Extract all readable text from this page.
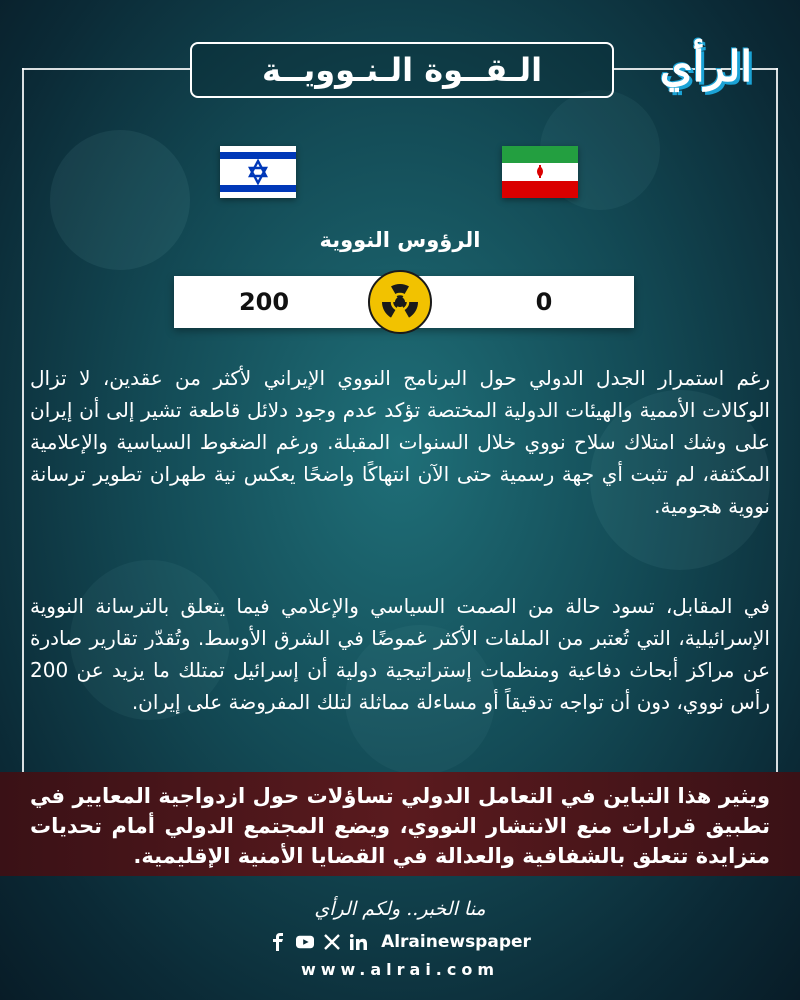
الـقــوة الـنـوويــة	الرأي
الرؤوس النووية
200	0
رغم استمرار الجدل الدولي حول البرنامج النووي الإيراني لأكثر من عقدين، لا تزال الوكالات الأممية والهيئات الدولية المختصة تؤكد عدم وجود دلائل قاطعة تشير إلى أن إيران على وشك امتلاك سلاح نووي خلال السنوات المقبلة. ورغم الضغوط السياسية والإعلامية المكثفة، لم تثبت أي جهة رسمية حتى الآن انتهاكًا واضحًا يعكس نية طهران تطوير ترسانة نووية هجومية.
في المقابل، تسود حالة من الصمت السياسي والإعلامي فيما يتعلق بالترسانة النووية الإسرائيلية، التي تُعتبر من الملفات الأكثر غموضًا في الشرق الأوسط. وتُقدّر تقارير صادرة عن مراكز أبحاث دفاعية ومنظمات إستراتيجية دولية أن إسرائيل تمتلك ما يزيد عن 200 رأس نووي، دون أن تواجه تدقيقاً أو مساءلة مماثلة لتلك المفروضة على إيران.
ويثير هذا التباين في التعامل الدولي تساؤلات حول ازدواجية المعايير في تطبيق قرارات منع الانتشار النووي، ويضع المجتمع الدولي أمام تحديات متزايدة تتعلق بالشفافية والعدالة في القضايا الأمنية الإقليمية.
منا الخبر.. ولكم الرأي
Alrainewspaper
www.alrai.com
